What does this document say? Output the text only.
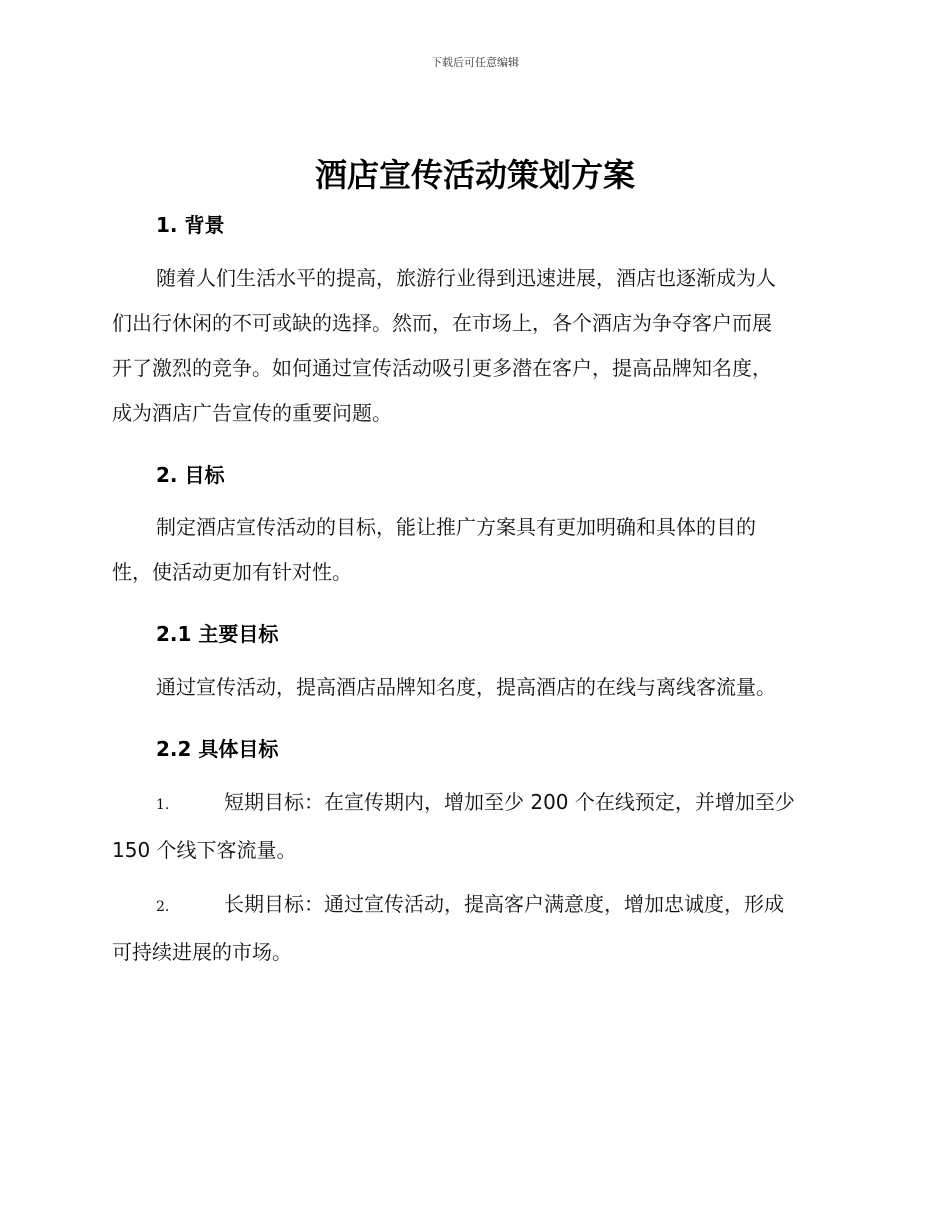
下载后可任意编辑
酒店宣传活动策划方案
1. 背景
随着人们生活水平的提高，旅游行业得到迅速进展，酒店也逐渐成为人
们出行休闲的不可或缺的选择。然而，在市场上，各个酒店为争夺客户而展
开了激烈的竞争。如何通过宣传活动吸引更多潜在客户，提高品牌知名度，
成为酒店广告宣传的重要问题。
2. 目标
制定酒店宣传活动的目标，能让推广方案具有更加明确和具体的目的
性，使活动更加有针对性。
2.1 主要目标
通过宣传活动，提高酒店品牌知名度，提高酒店的在线与离线客流量。
2.2 具体目标
1.	短期目标：在宣传期内，增加至少 200 个在线预定，并增加至少
150 个线下客流量。
2.	长期目标：通过宣传活动，提高客户满意度，增加忠诚度，形成
可持续进展的市场。
